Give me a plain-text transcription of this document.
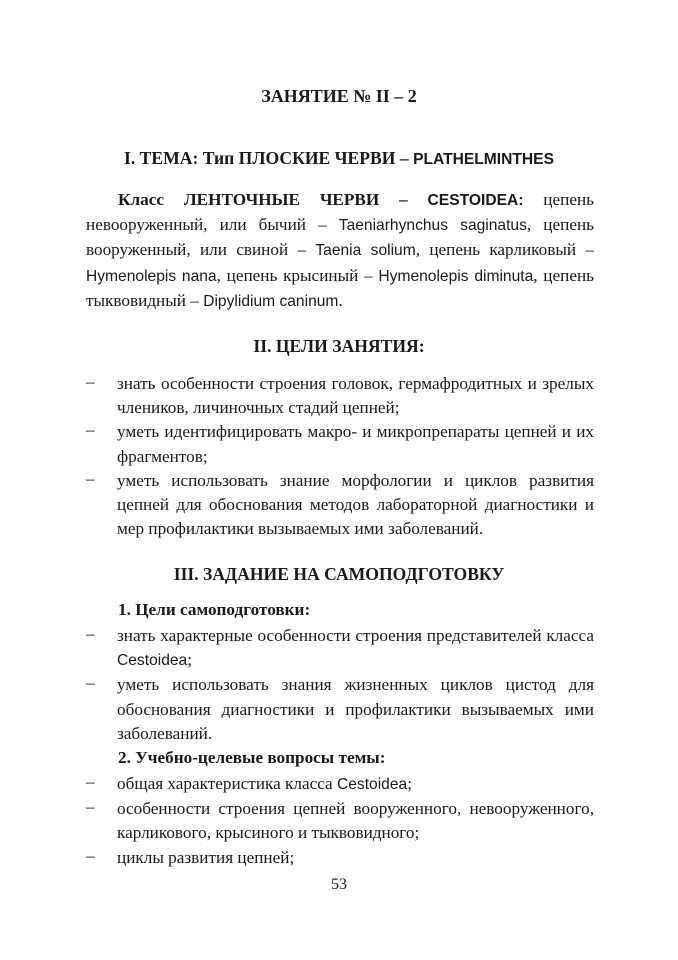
ЗАНЯТИЕ № II – 2
I. ТЕМА: Тип ПЛОСКИЕ ЧЕРВИ – PLATHELMINTHES
Класс ЛЕНТОЧНЫЕ ЧЕРВИ – CESTOIDEA: цепень невооруженный, или бычий – Taeniarhynchus saginatus, цепень вооруженный, или свиной – Taenia solium, цепень карликовый – Hymenolepis nana, цепень крысиный – Hymenolepis diminuta, цепень тыквовидный – Dipylidium caninum.
II. ЦЕЛИ ЗАНЯТИЯ:
– знать особенности строения головок, гермафродитных и зрелых члеников, личиночных стадий цепней;
– уметь идентифицировать макро- и микропрепараты цепней и их фрагментов;
– уметь использовать знание морфологии и циклов развития цепней для обоснования методов лабораторной диагностики и мер профилактики вызываемых ими заболеваний.
III. ЗАДАНИЕ НА САМОПОДГОТОВКУ
1. Цели самоподготовки:
– знать характерные особенности строения представителей класса Cestoidea;
– уметь использовать знания жизненных циклов цистод для обоснования диагностики и профилактики вызываемых ими заболеваний.
2. Учебно-целевые вопросы темы:
– общая характеристика класса Cestoidea;
– особенности строения цепней вооруженного, невооруженного, карликового, крысиного и тыквовидного;
– циклы развития цепней;
53
